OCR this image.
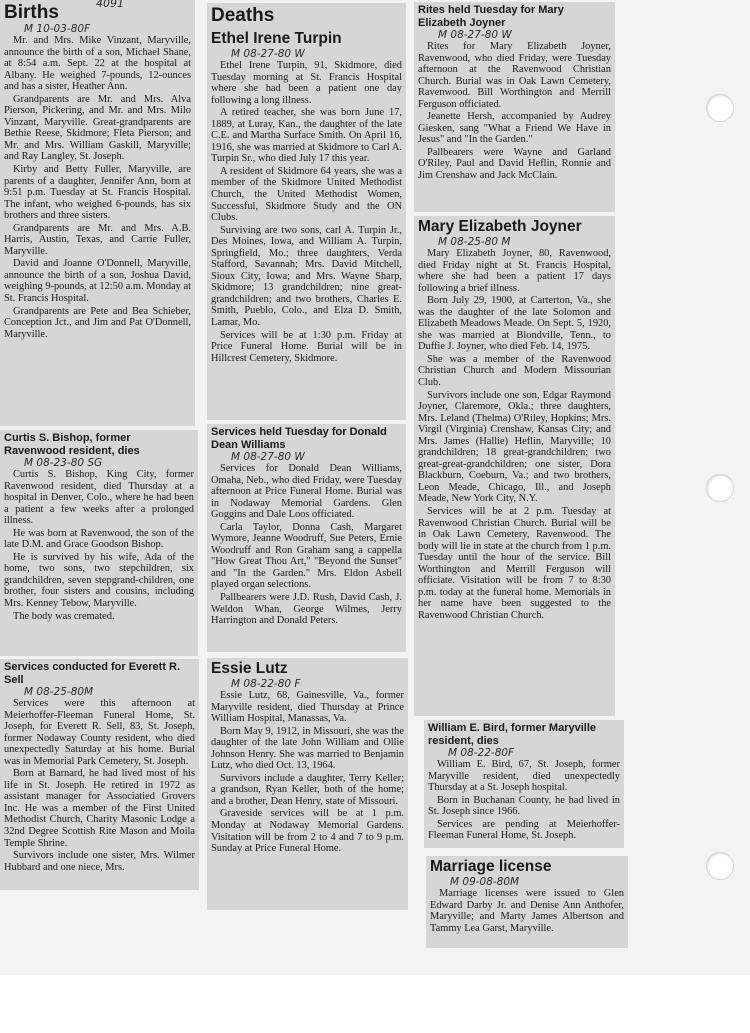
Births	4091
M 10-03-80F

Mr. and Mrs. Mike Vinzant, Maryville, announce the birth of a son, Michael Shane, at 8:54 a.m. Sept. 22 at the hospital at Albany. He weighed 7-pounds, 12-ounces and has a sister, Heather Ann.

Grandparents are Mr. and Mrs. Alva Pierson, Pickering, and Mr. and Mrs. Milo Vinzant, Maryville. Great-grandparents are Bethie Reese, Skidmore; Fleta Pierson; and Mr. and Mrs. William Gaskill, Maryville; and Ray Langley, St. Joseph.

Kirby and Betty Fuller, Maryville, are parents of a daughter, Jennifer Ann, born at 9:51 p.m. Tuesday at St. Francis Hospital. The infant, who weighed 6-pounds, has six brothers and three sisters.

Grandparents are Mr. and Mrs. A.B. Harris, Austin, Texas, and Carrie Fuller, Maryville.

David and Joanne O'Donnell, Maryville, announce the birth of a son, Joshua David, weighing 9-pounds, at 12:50 a.m. Monday at St. Francis Hospital.

Grandparents are Pete and Bea Schieber, Conception Jct., and Jim and Pat O'Donnell, Maryville.

Curtis S. Bishop, former Ravenwood resident, dies
M 08-23-80 SG

Curtis S. Bishop, King City, former Ravenwood resident, died Thursday at a hospital in Denver, Colo., where he had been a patient a few weeks after a prolonged illness.

He was born at Ravenwood, the son of the late D.M. and Grace Goodson Bishop.

He is survived by his wife, Ada of the home, two sons, two stepchildren, six grandchildren, seven stepgrand-children, one brother, four sisters and cousins, including Mrs. Kenney Tebow, Maryville.

The body was cremated.

Services conducted for Everett R. Sell
M 08-25-80M

Services were this afternoon at Meierhoffer-Fleeman Funeral Home, St. Joseph, for Everett R. Sell, 83, St. Joseph, former Nodaway County resident, who died unexpectedly Saturday at his home. Burial was in Memorial Park Cemetery, St. Joseph.

Born at Barnard, he had lived most of his life in St. Joseph. He retired in 1972 as assistant manager for Associatied Grovers Inc. He was a member of the First United Methodist Church, Charity Masonic Lodge a 32nd Degree Scottish Rite Mason and Moila Temple Shrine.

Survivors include one sister, Mrs. Wilmer Hubbard and one niece, Mrs.

Deaths
Ethel Irene Turpin
M 08-27-80 W

Ethel Irene Turpin, 91, Skidmore, died Tuesday morning at St. Francis Hospital where she had been a patient one day following a long illness.

A retired teacher, she was born June 17, 1889, at Luray, Kan., the daughter of the late C.E. and Martha Surface Smith. On April 16, 1916, she was married at Skidmore to Carl A. Turpin Sr., who died July 17 this year.

A resident of Skidmore 64 years, she was a member of the Skidmore United Methodist Church, the United Methodist Women, Successful, Skidmore Study and the ON Clubs.

Surviving are two sons, carl A. Turpin Jr., Des Moines, Iowa, and William A. Turpin, Springfield, Mo.; three daughters, Verda Stafford, Savannah; Mrs. David Mitchell, Sioux City, Iowa; and Mrs. Wayne Sharp, Skidmore; 13 grandchildren; nine great-grandchildren; and two brothers, Charles E. Smith, Pueblo, Colo., and Elza D. Smith, Lamar, Mo.

Services will be at 1:30 p.m. Friday at Price Funeral Home. Burial will be in Hillcrest Cemetery, Skidmore.

Services held Tuesday for Donald Dean Williams
M 08-27-80 W

Services for Donald Dean Williams, Omaha, Neb., who died Friday, were Tuesday afternoon at Price Funeral Home. Burial was in Nodaway Memorial Gardens. Glen Goggins and Dale Loos officiated.

Carla Taylor, Donna Cash, Margaret Wymore, Jeanne Woodruff, Sue Peters, Ernie Woodruff and Ron Graham sang a cappella "How Great Thou Art," "Beyond the Sunset" and "In the Garden." Mrs. Eldon Asbell played organ selections.

Pallbearers were J.D. Rush, David Cash, J. Weldon Whan, George Wilmes, Jerry Harrington and Donald Peters.

Essie Lutz
M 08-22-80 F

Essie Lutz, 68, Gainesville, Va., former Maryville resident, died Thursday at Prince William Hospital, Manassas, Va.

Born May 9, 1912, in Missouri, she was the daughter of the late John William and Ollie Johnson Henry. She was married to Benjamin Lutz, who died Oct. 13, 1964.

Survivors include a daughter, Terry Keller; a grandson, Ryan Keller, both of the home; and a brother, Dean Henry, state of Missouri.

Graveside services will be at 1 p.m. Monday at Nodaway Memorial Gardens. Visitation will be from 2 to 4 and 7 to 9 p.m. Sunday at Price Funeral Home.

Rites held Tuesday for Mary Elizabeth Joyner
M 08-27-80 W

Rites for Mary Elizabeth Joyner, Ravenwood, who died Friday, were Tuesday afternoon at the Ravenwood Christian Church. Burial was in Oak Lawn Cemetery, Ravenwood. Bill Worthington and Merrill Ferguson officiated.

Jeanette Hersh, accompanied by Audrey Giesken, sang "What a Friend We Have in Jesus" and "In the Garden."

Pallbearers were Wayne and Garland O'Riley, Paul and David Heflin, Ronnie and Jim Crenshaw and Jack McClain.

Mary Elizabeth Joyner
M 08-25-80 M

Mary Elizabeth Joyner, 80, Ravenwood, died Friday night at St. Francis Hospital, where she had been a patient 17 days following a brief illness.

Born July 29, 1900, at Carterton, Va., she was the daughter of the late Solomon and Elizabeth Meadows Meade. On Sept. 5, 1920, she was married at Blondville, Tenn., to Duffie J. Joyner, who died Feb. 14, 1975.

She was a member of the Ravenwood Christian Church and Modern Missourian Club.

Survivors include one son, Edgar Raymond Joyner, Claremore, Okla.; three daughters, Mrs. Leland (Thelma) O'Riley, Hopkins; Mrs. Virgil (Virginia) Crenshaw, Kansas City; and Mrs. James (Hallie) Heflin, Maryville; 10 grandchildren; 18 great-grandchildren; two great-great-grandchildren; one sister, Dora Blackburn, Coeburn, Va.; and two brothers, Leon Meade, Chicago, Ill., and Joseph Meade, New York City, N.Y.

Services will be at 2 p.m. Tuesday at Ravenwood Christian Church. Burial will be in Oak Lawn Cemetery, Ravenwood. The body will lie in state at the church from 1 p.m. Tuesday until the hour of the service. Bill Worthington and Merrill Ferguson will officiate. Visitation will be from 7 to 8:30 p.m. today at the funeral home. Memorials in her name have been suggested to the Ravenwood Christian Church.

William E. Bird, former Maryville resident, dies
M 08-22-80F

William E. Bird, 67, St. Joseph, former Maryville resident, died unexpectedly Thursday at a St. Joseph hospital.

Born in Buchanan County, he had lived in St. Joseph since 1966.

Services are pending at Meierhoffer-Fleeman Funeral Home, St. Joseph.

Marriage license
M 09-08-80M

Marriage licenses were issued to Glen Edward Darby Jr. and Denise Ann Anthofer, Maryville; and Marty James Albertson and Tammy Lea Garst, Maryville.
